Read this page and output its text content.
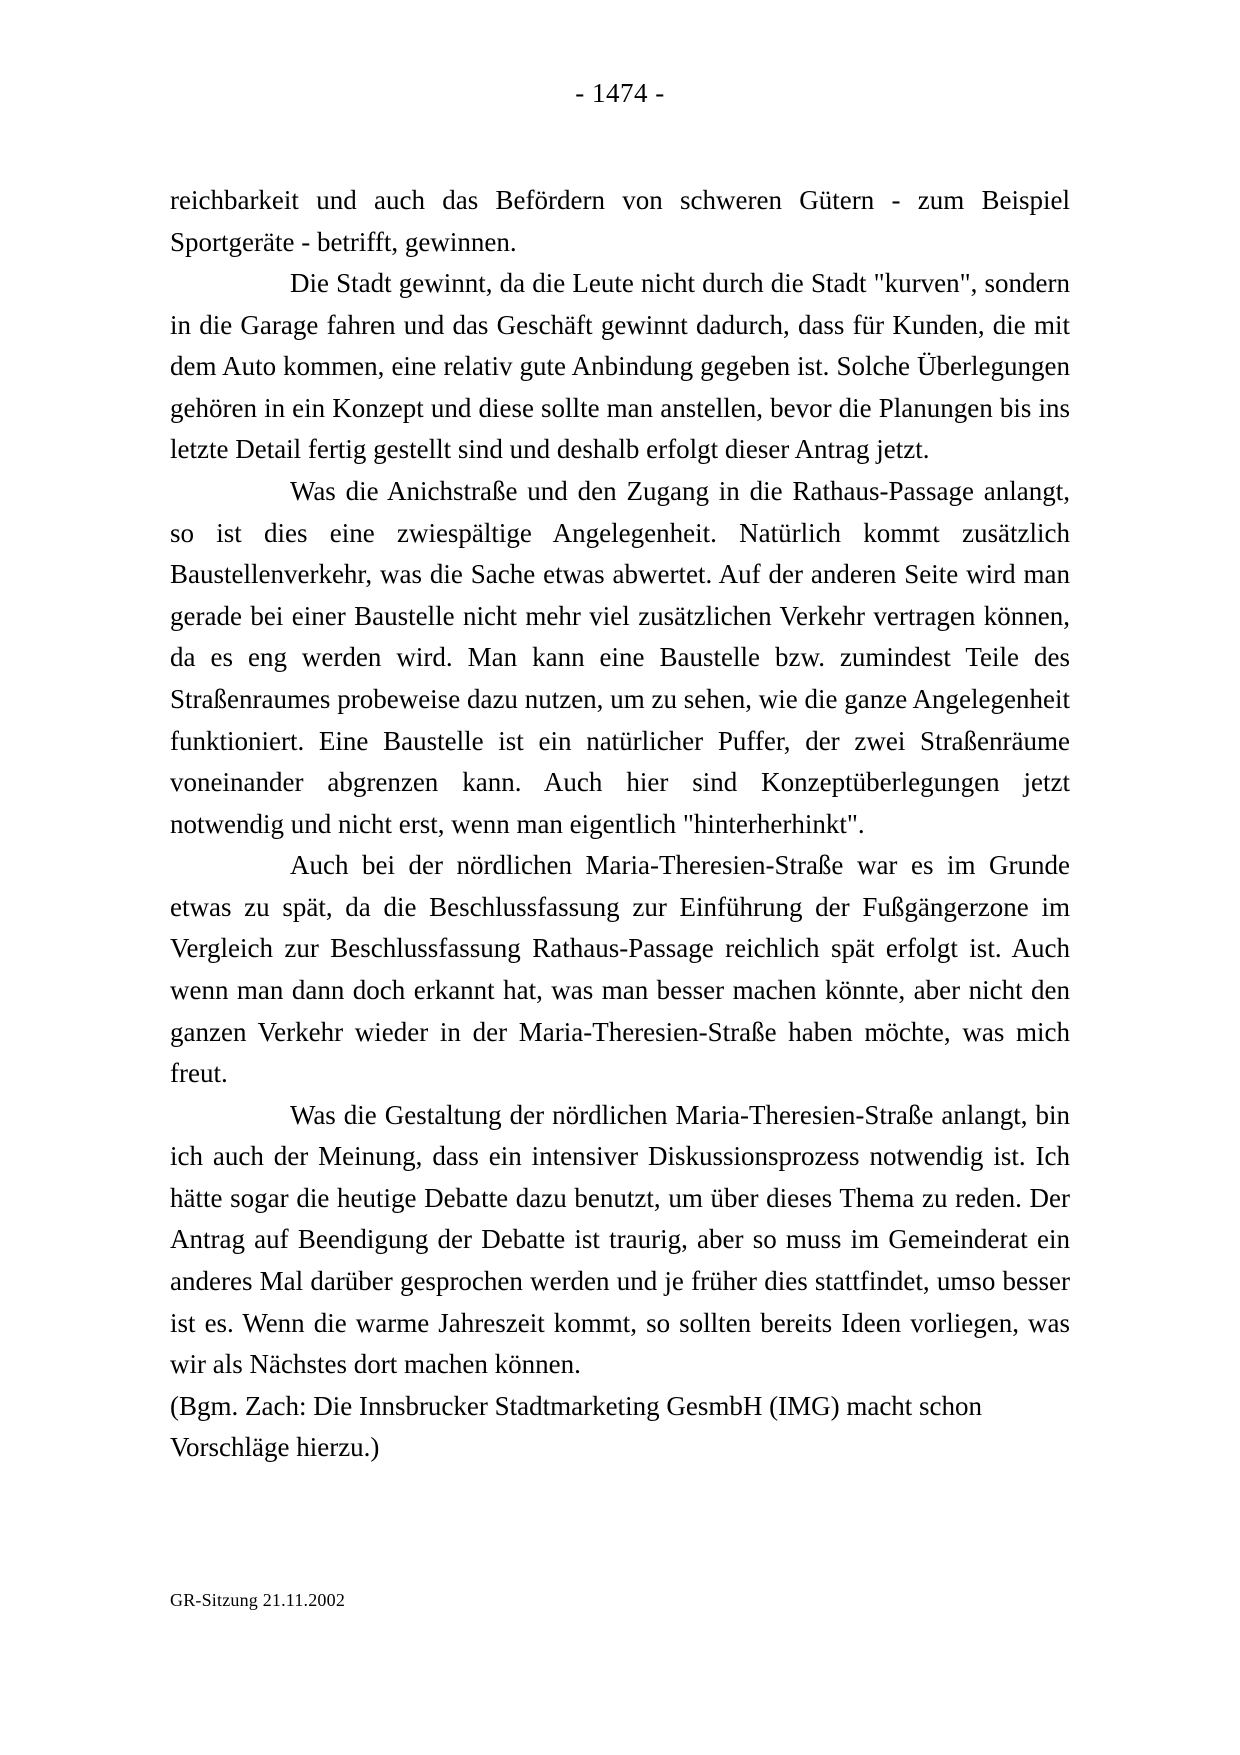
- 1474 -

reichbarkeit und auch das Befördern von schweren Gütern - zum Beispiel Sportgeräte - betrifft, gewinnen.

Die Stadt gewinnt, da die Leute nicht durch die Stadt "kurven", sondern in die Garage fahren und das Geschäft gewinnt dadurch, dass für Kunden, die mit dem Auto kommen, eine relativ gute Anbindung gegeben ist. Solche Überlegungen gehören in ein Konzept und diese sollte man anstellen, bevor die Planungen bis ins letzte Detail fertig gestellt sind und deshalb erfolgt dieser Antrag jetzt.

Was die Anichstraße und den Zugang in die Rathaus-Passage anlangt, so ist dies eine zwiespältige Angelegenheit. Natürlich kommt zusätzlich Baustellenverkehr, was die Sache etwas abwertet. Auf der anderen Seite wird man gerade bei einer Baustelle nicht mehr viel zusätzlichen Verkehr vertragen können, da es eng werden wird. Man kann eine Baustelle bzw. zumindest Teile des Straßenraumes probeweise dazu nutzen, um zu sehen, wie die ganze Angelegenheit funktioniert. Eine Baustelle ist ein natürlicher Puffer, der zwei Straßenräume voneinander abgrenzen kann. Auch hier sind Konzeptüberlegungen jetzt notwendig und nicht erst, wenn man eigentlich "hinterherhinkt".

Auch bei der nördlichen Maria-Theresien-Straße war es im Grunde etwas zu spät, da die Beschlussfassung zur Einführung der Fußgängerzone im Vergleich zur Beschlussfassung Rathaus-Passage reichlich spät erfolgt ist. Auch wenn man dann doch erkannt hat, was man besser machen könnte, aber nicht den ganzen Verkehr wieder in der Maria-Theresien-Straße haben möchte, was mich freut.

Was die Gestaltung der nördlichen Maria-Theresien-Straße anlangt, bin ich auch der Meinung, dass ein intensiver Diskussionsprozess notwendig ist. Ich hätte sogar die heutige Debatte dazu benutzt, um über dieses Thema zu reden. Der Antrag auf Beendigung der Debatte ist traurig, aber so muss im Gemeinderat ein anderes Mal darüber gesprochen werden und je früher dies stattfindet, umso besser ist es. Wenn die warme Jahreszeit kommt, so sollten bereits Ideen vorliegen, was wir als Nächstes dort machen können.

(Bgm. Zach: Die Innsbrucker Stadtmarketing GesmbH (IMG) macht schon Vorschläge hierzu.)

GR-Sitzung 21.11.2002
